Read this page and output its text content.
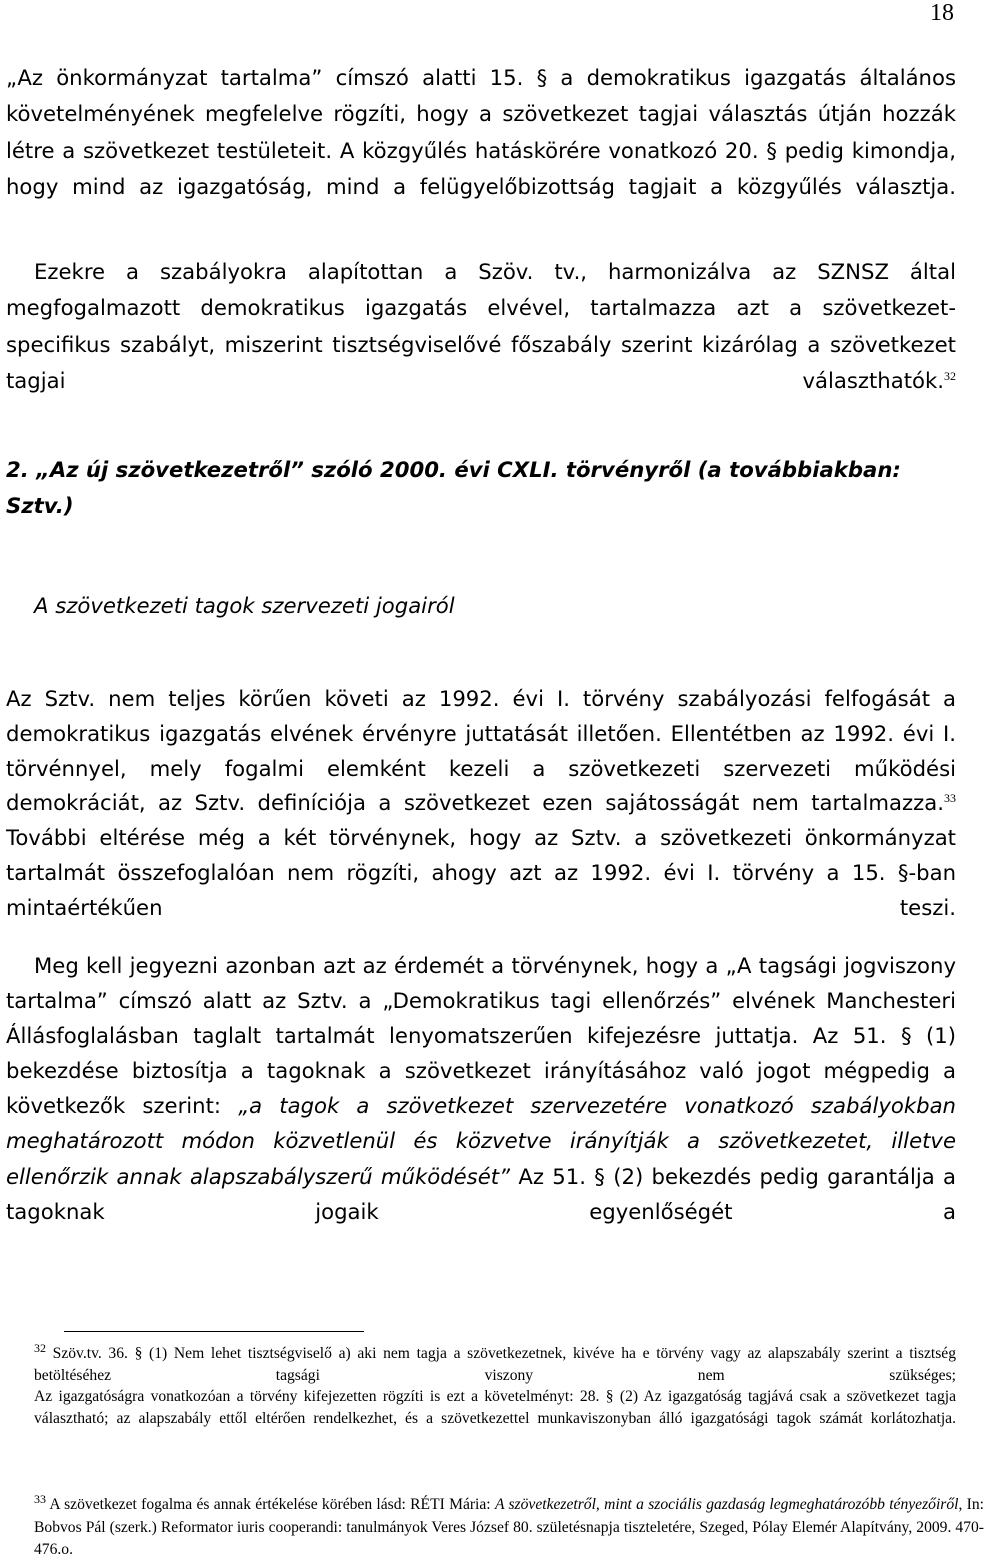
18

„Az önkormányzat tartalma” címszó alatti 15. § a demokratikus igazgatás általános követelményének megfelelve rögzíti, hogy a szövetkezet tagjai választás útján hozzák létre a szövetkezet testületeit. A közgyűlés hatáskörére vonatkozó 20. § pedig kimondja, hogy mind az igazgatóság, mind a felügyelőbizottság tagjait a közgyűlés választja.

Ezekre a szabályokra alapítottan a Szöv. tv., harmonizálva az SZNSZ által megfogalmazott demokratikus igazgatás elvével, tartalmazza azt a szövetkezet-specifikus szabályt, miszerint tisztségviselővé főszabály szerint kizárólag a szövetkezet tagjai választhatók.$^{32}$

2. „Az új szövetkezetről” szóló 2000. évi CXLI. törvényről (a továbbiakban: Sztv.)

A szövetkezeti tagok szervezeti jogairól

Az Sztv. nem teljes körűen követi az 1992. évi I. törvény szabályozási felfogását a demokratikus igazgatás elvének érvényre juttatását illetően. Ellentétben az 1992. évi I. törvénnyel, mely fogalmi elemként kezeli a szövetkezeti szervezeti működési demokráciát, az Sztv. definíciója a szövetkezet ezen sajátosságát nem tartalmazza.$^{33}$ További eltérése még a két törvénynek, hogy az Sztv. a szövetkezeti önkormányzat tartalmát összefoglalóan nem rögzíti, ahogy azt az 1992. évi I. törvény a 15. §-ban mintaértékűen teszi.

Meg kell jegyezni azonban azt az érdemét a törvénynek, hogy a „A tagsági jogviszony tartalma” címszó alatt az Sztv. a „Demokratikus tagi ellenőrzés” elvének Manchesteri Állásfoglalásban taglalt tartalmát lenyomatszerűen kifejezésre juttatja. Az 51. § (1) bekezdése biztosítja a tagoknak a szövetkezet irányításához való jogot mégpedig a következők szerint: „a tagok a szövetkezet szervezetére vonatkozó szabályokban meghatározott módon közvetlenül és közvetve irányítják a szövetkezetet, illetve ellenőrzik annak alapszabályszerű működését” Az 51. § (2) bekezdés pedig garantálja a tagoknak jogaik egyenlőségét a

$^{32}$ Szöv.tv. 36. § (1) Nem lehet tisztségviselő a) aki nem tagja a szövetkezetnek, kivéve ha e törvény vagy az alapszabály szerint a tisztség betöltéséhez tagsági viszony nem szükséges;
Az igazgatóságra vonatkozóan a törvény kifejezetten rögzíti is ezt a követelményt: 28. § (2) Az igazgatóság tagjává csak a szövetkezet tagja választható; az alapszabály ettől eltérően rendelkezhet, és a szövetkezettel munkaviszonyban álló igazgatósági tagok számát korlátozhatja.
$^{33}$ A szövetkezet fogalma és annak értékelése körében lásd: RÉTI Mária: A szövetkezetről, mint a szociális gazdaság legmeghatározóbb tényezőiről, In: Bobvos Pál (szerk.) Reformator iuris cooperandi: tanulmányok Veres József 80. születésnapja tiszteletére, Szeged, Pólay Elemér Alapítvány, 2009. 470-476.o.
